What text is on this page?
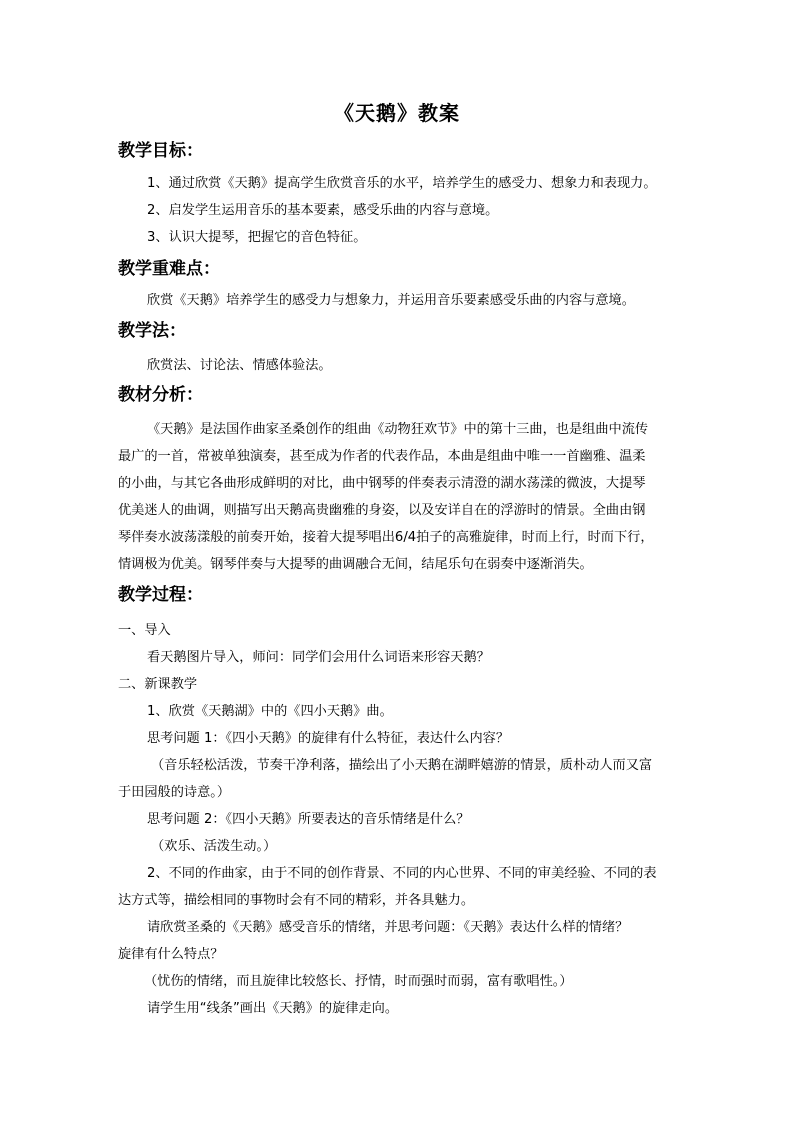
《天鹅》教案
教学目标：
1、通过欣赏《天鹅》提高学生欣赏音乐的水平，培养学生的感受力、想象力和表现力。
2、启发学生运用音乐的基本要素，感受乐曲的内容与意境。
3、认识大提琴，把握它的音色特征。
教学重难点：
欣赏《天鹅》培养学生的感受力与想象力，并运用音乐要素感受乐曲的内容与意境。
教学法：
欣赏法、讨论法、情感体验法。
教材分析：
《天鹅》是法国作曲家圣桑创作的组曲《动物狂欢节》中的第十三曲，也是组曲中流传
最广的一首，常被单独演奏，甚至成为作者的代表作品，本曲是组曲中唯一一首幽雅、温柔
的小曲，与其它各曲形成鲜明的对比，曲中钢琴的伴奏表示清澄的湖水荡漾的微波，大提琴
优美迷人的曲调，则描写出天鹅高贵幽雅的身姿，以及安详自在的浮游时的情景。全曲由钢
琴伴奏水波荡漾般的前奏开始，接着大提琴唱出6/4拍子的高雅旋律，时而上行，时而下行，
情调极为优美。钢琴伴奏与大提琴的曲调融合无间，结尾乐句在弱奏中逐渐消失。
教学过程：
一、导入
看天鹅图片导入，师问：同学们会用什么词语来形容天鹅？
二、新课教学
1、欣赏《天鹅湖》中的《四小天鹅》曲。
思考问题 1：《四小天鹅》的旋律有什么特征，表达什么内容？
（音乐轻松活泼，节奏干净利落，描绘出了小天鹅在湖畔嬉游的情景，质朴动人而又富
于田园般的诗意。）
思考问题 2：《四小天鹅》所要表达的音乐情绪是什么？
（欢乐、活泼生动。）
2、不同的作曲家，由于不同的创作背景、不同的内心世界、不同的审美经验、不同的表
达方式等，描绘相同的事物时会有不同的精彩，并各具魅力。
请欣赏圣桑的《天鹅》感受音乐的情绪，并思考问题：《天鹅》表达什么样的情绪？
旋律有什么特点？
（忧伤的情绪，而且旋律比较悠长、抒情，时而强时而弱，富有歌唱性。）
请学生用“线条”画出《天鹅》的旋律走向。
